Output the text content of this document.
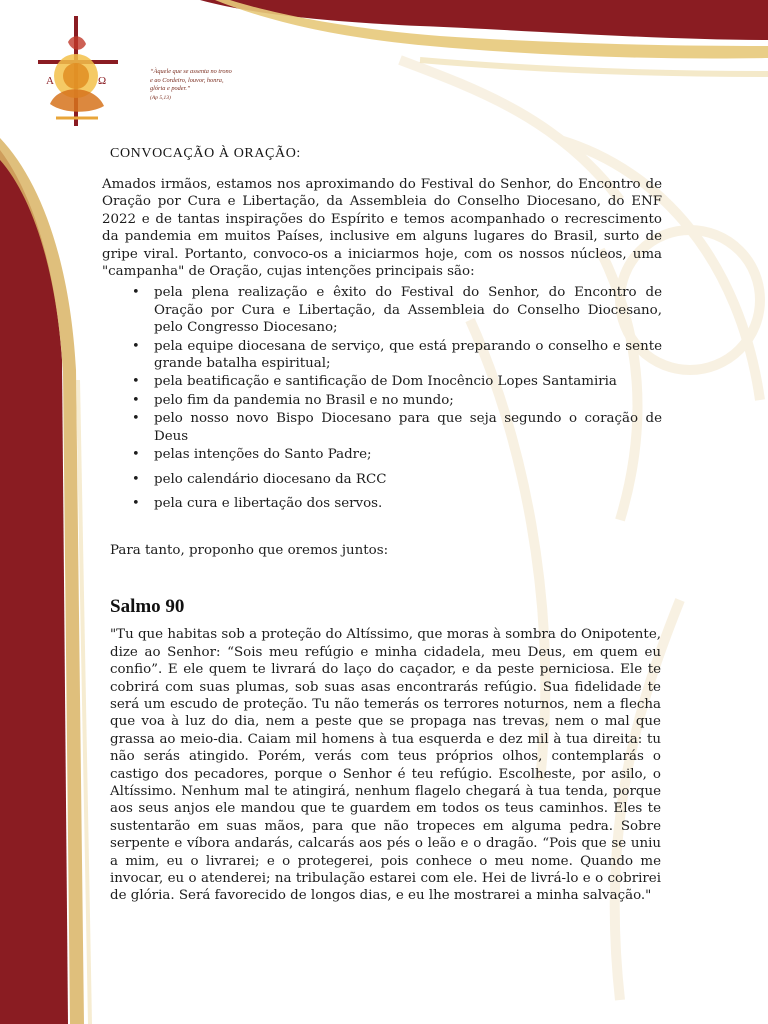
A	Ω

“Àquele que se assenta no trono e ao Cordeiro, louvor, honra, glória e poder.”
(Ap 5,13)

CONVOCAÇÃO À ORAÇÃO:

Amados irmãos, estamos nos aproximando do Festival do Senhor, do Encontro de Oração por Cura e Libertação, da Assembleia do Conselho Diocesano, do ENF 2022 e de tantas inspirações do Espírito e temos acompanhado o recrescimento da pandemia em muitos Países, inclusive em alguns lugares do Brasil, surto de gripe viral. Portanto, convoco-os a iniciarmos hoje, com os nossos núcleos, uma "campanha" de Oração, cujas intenções principais são:

• pela plena realização e êxito do Festival do Senhor, do Encontro de Oração por Cura e Libertação, da Assembleia do Conselho Diocesano, pelo Congresso Diocesano;
• pela equipe diocesana de serviço, que está preparando o conselho e sente grande batalha espiritual;
• pela beatificação e santificação de Dom Inocêncio Lopes Santamiria
• pelo fim da pandemia no Brasil e no mundo;
• pelo nosso novo Bispo Diocesano para que seja segundo o coração de Deus
• pelas intenções do Santo Padre;
• pelo calendário diocesano da RCC
• pela cura e libertação dos servos.

Para tanto, proponho que oremos juntos:

Salmo 90

"Tu que habitas sob a proteção do Altíssimo, que moras à sombra do Onipotente, dize ao Senhor: “Sois meu refúgio e minha cidadela, meu Deus, em quem eu confio”. E ele quem te livrará do laço do caçador, e da peste perniciosa. Ele te cobrirá com suas plumas, sob suas asas encontrarás refúgio. Sua fidelidade te será um escudo de proteção. Tu não temerás os terrores noturnos, nem a flecha que voa à luz do dia, nem a peste que se propaga nas trevas, nem o mal que grassa ao meio-dia. Caiam mil homens à tua esquerda e dez mil à tua direita: tu não serás atingido. Porém, verás com teus próprios olhos, contemplarás o castigo dos pecadores, porque o Senhor é teu refúgio. Escolheste, por asilo, o Altíssimo. Nenhum mal te atingirá, nenhum flagelo chegará à tua tenda, porque aos seus anjos ele mandou que te guardem em todos os teus caminhos. Eles te sustentarão em suas mãos, para que não tropeces em alguma pedra. Sobre serpente e víbora andarás, calcarás aos pés o leão e o dragão. “Pois que se uniu a mim, eu o livrarei; e o protegerei, pois conhece o meu nome. Quando me invocar, eu o atenderei; na tribulação estarei com ele. Hei de livrá-lo e o cobrirei de glória. Será favorecido de longos dias, e eu lhe mostrarei a minha salvação."
